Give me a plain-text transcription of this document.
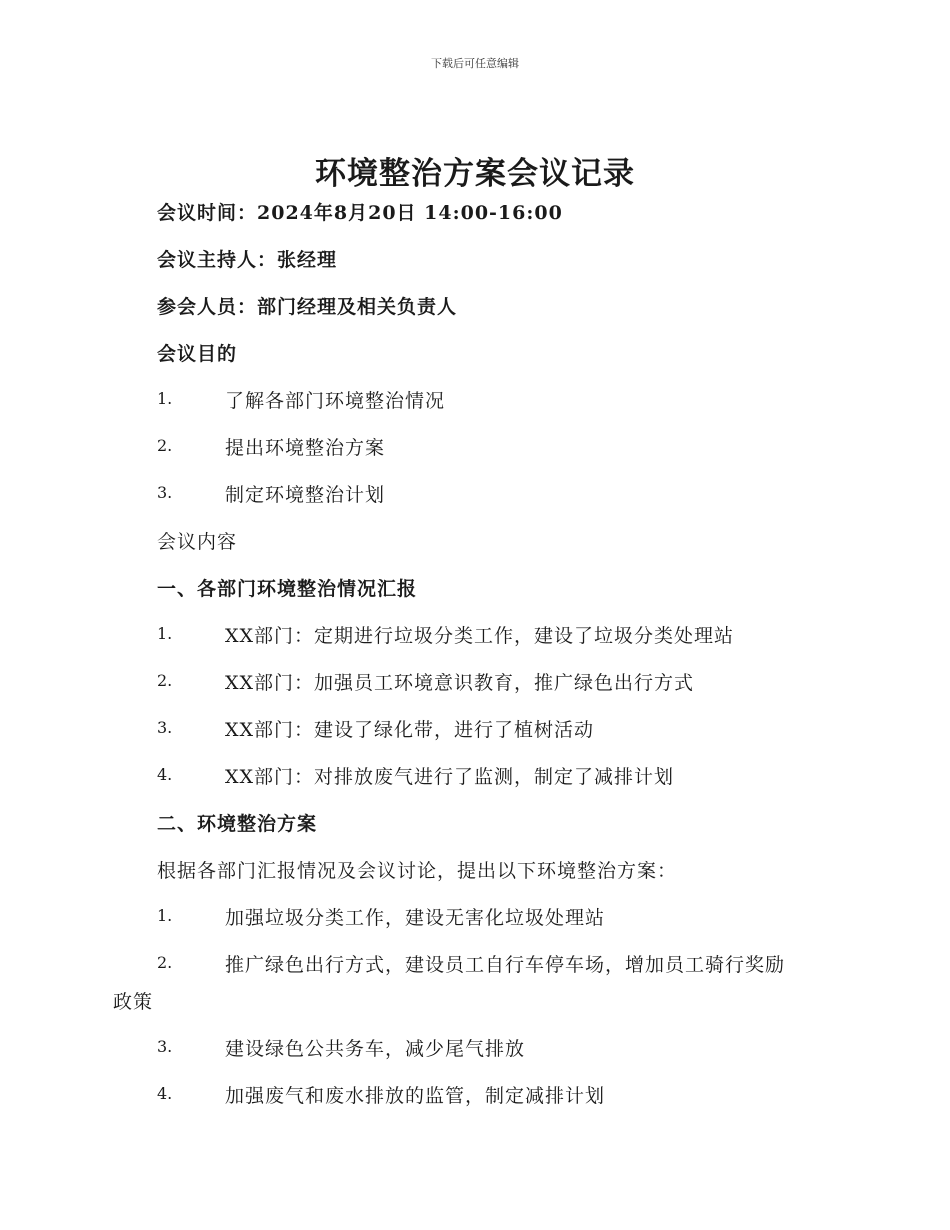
下载后可任意编辑
环境整治方案会议记录
会议时间：2024年8月20日 14:00-16:00
会议主持人：张经理
参会人员：部门经理及相关负责人
会议目的
1.	了解各部门环境整治情况
2.	提出环境整治方案
3.	制定环境整治计划
会议内容
一、各部门环境整治情况汇报
1.	XX部门：定期进行垃圾分类工作，建设了垃圾分类处理站
2.	XX部门：加强员工环境意识教育，推广绿色出行方式
3.	XX部门：建设了绿化带，进行了植树活动
4.	XX部门：对排放废气进行了监测，制定了减排计划
二、环境整治方案
根据各部门汇报情况及会议讨论，提出以下环境整治方案：
1.	加强垃圾分类工作，建设无害化垃圾处理站
2.	推广绿色出行方式，建设员工自行车停车场，增加员工骑行奖励
政策
3.	建设绿色公共务车，减少尾气排放
4.	加强废气和废水排放的监管，制定减排计划
